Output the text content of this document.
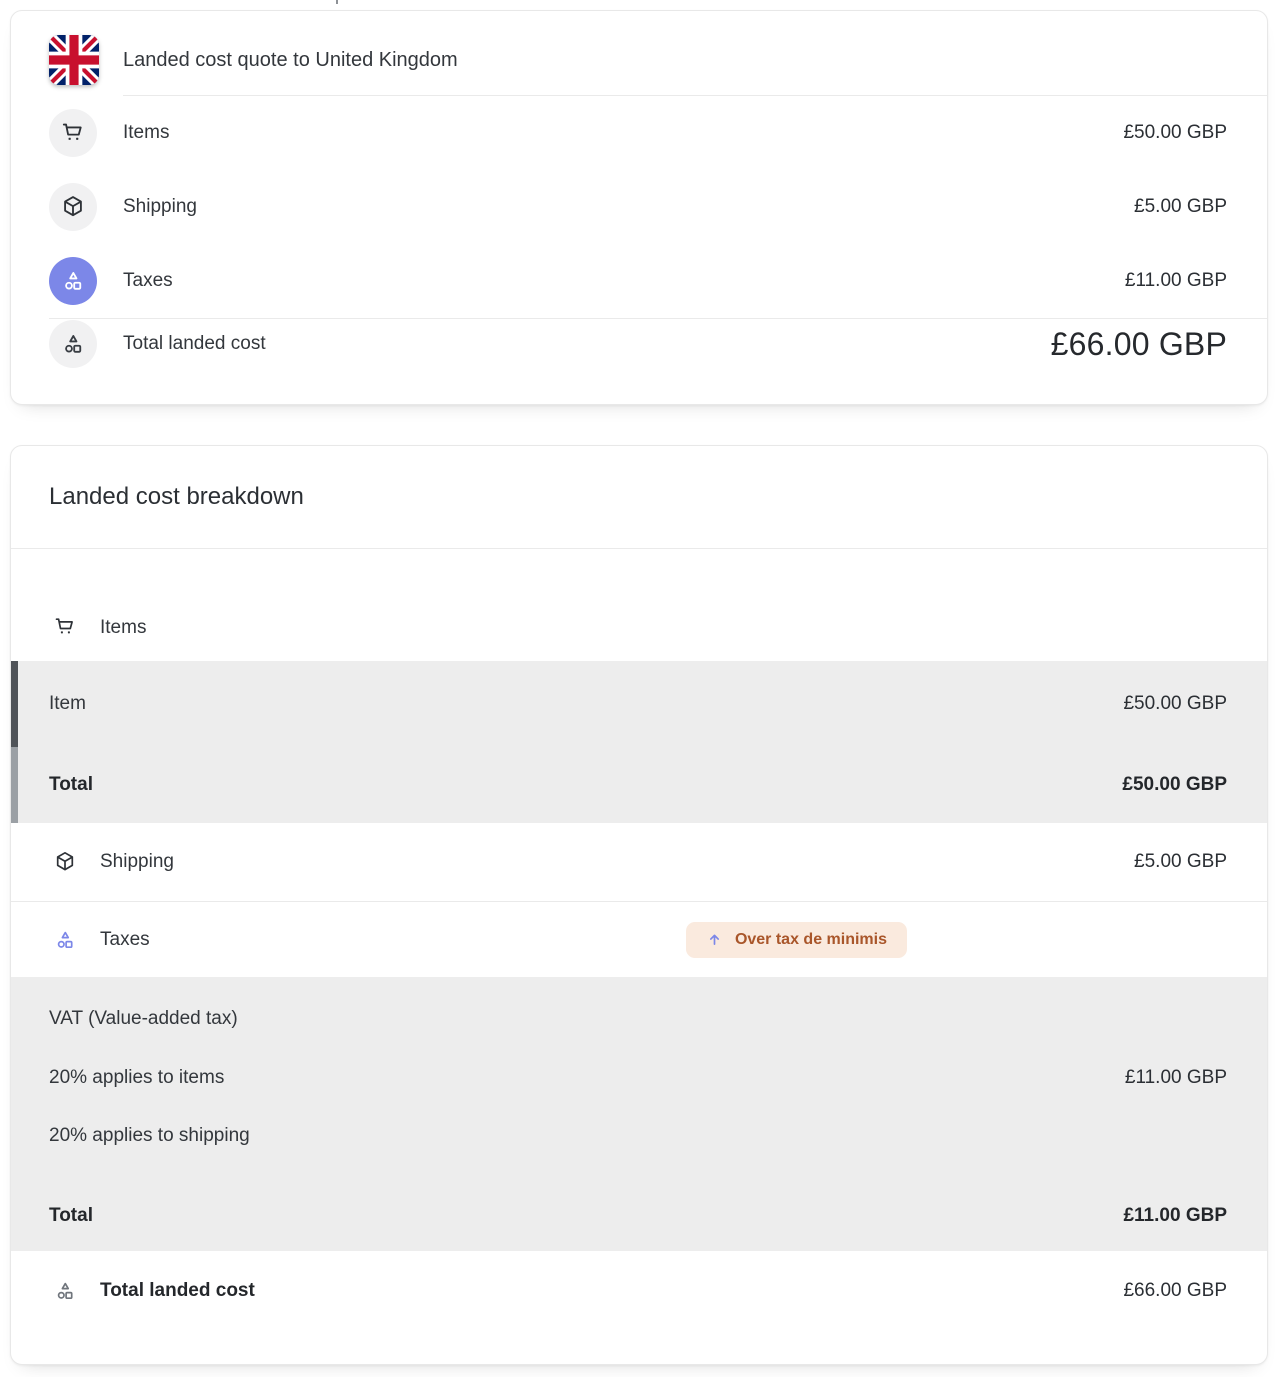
Landed cost quote to United Kingdom
Items	£50.00 GBP
Shipping	£5.00 GBP
Taxes	£11.00 GBP
Total landed cost	£66.00 GBP
Landed cost breakdown
Items
Item	£50.00 GBP
Total	£50.00 GBP
Shipping	£5.00 GBP
Taxes	Over tax de minimis
VAT (Value-added tax)
20% applies to items	£11.00 GBP
20% applies to shipping
Total	£11.00 GBP
Total landed cost	£66.00 GBP
